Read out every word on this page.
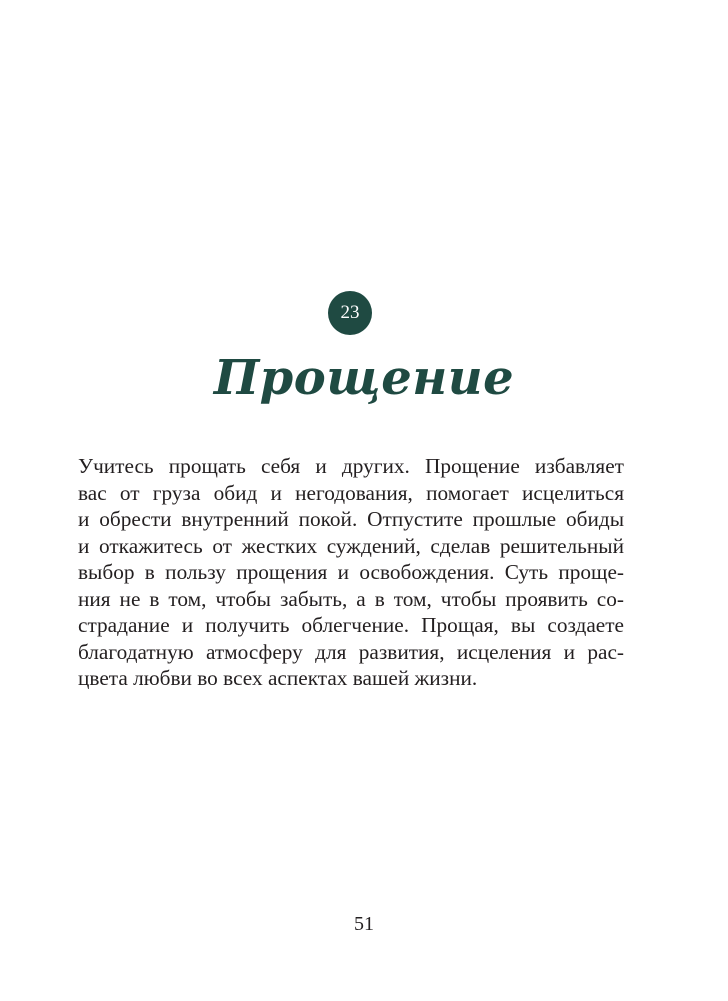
23
Прощение

Учитесь прощать себя и других. Прощение избавляет
вас от груза обид и негодования, помогает исцелиться
и обрести внутренний покой. Отпустите прошлые обиды
и откажитесь от жестких суждений, сделав решительный
выбор в пользу прощения и освобождения. Суть проще-
ния не в том, чтобы забыть, а в том, чтобы проявить со-
страдание и получить облегчение. Прощая, вы создаете
благодатную атмосферу для развития, исцеления и рас-
цвета любви во всех аспектах вашей жизни.

51
